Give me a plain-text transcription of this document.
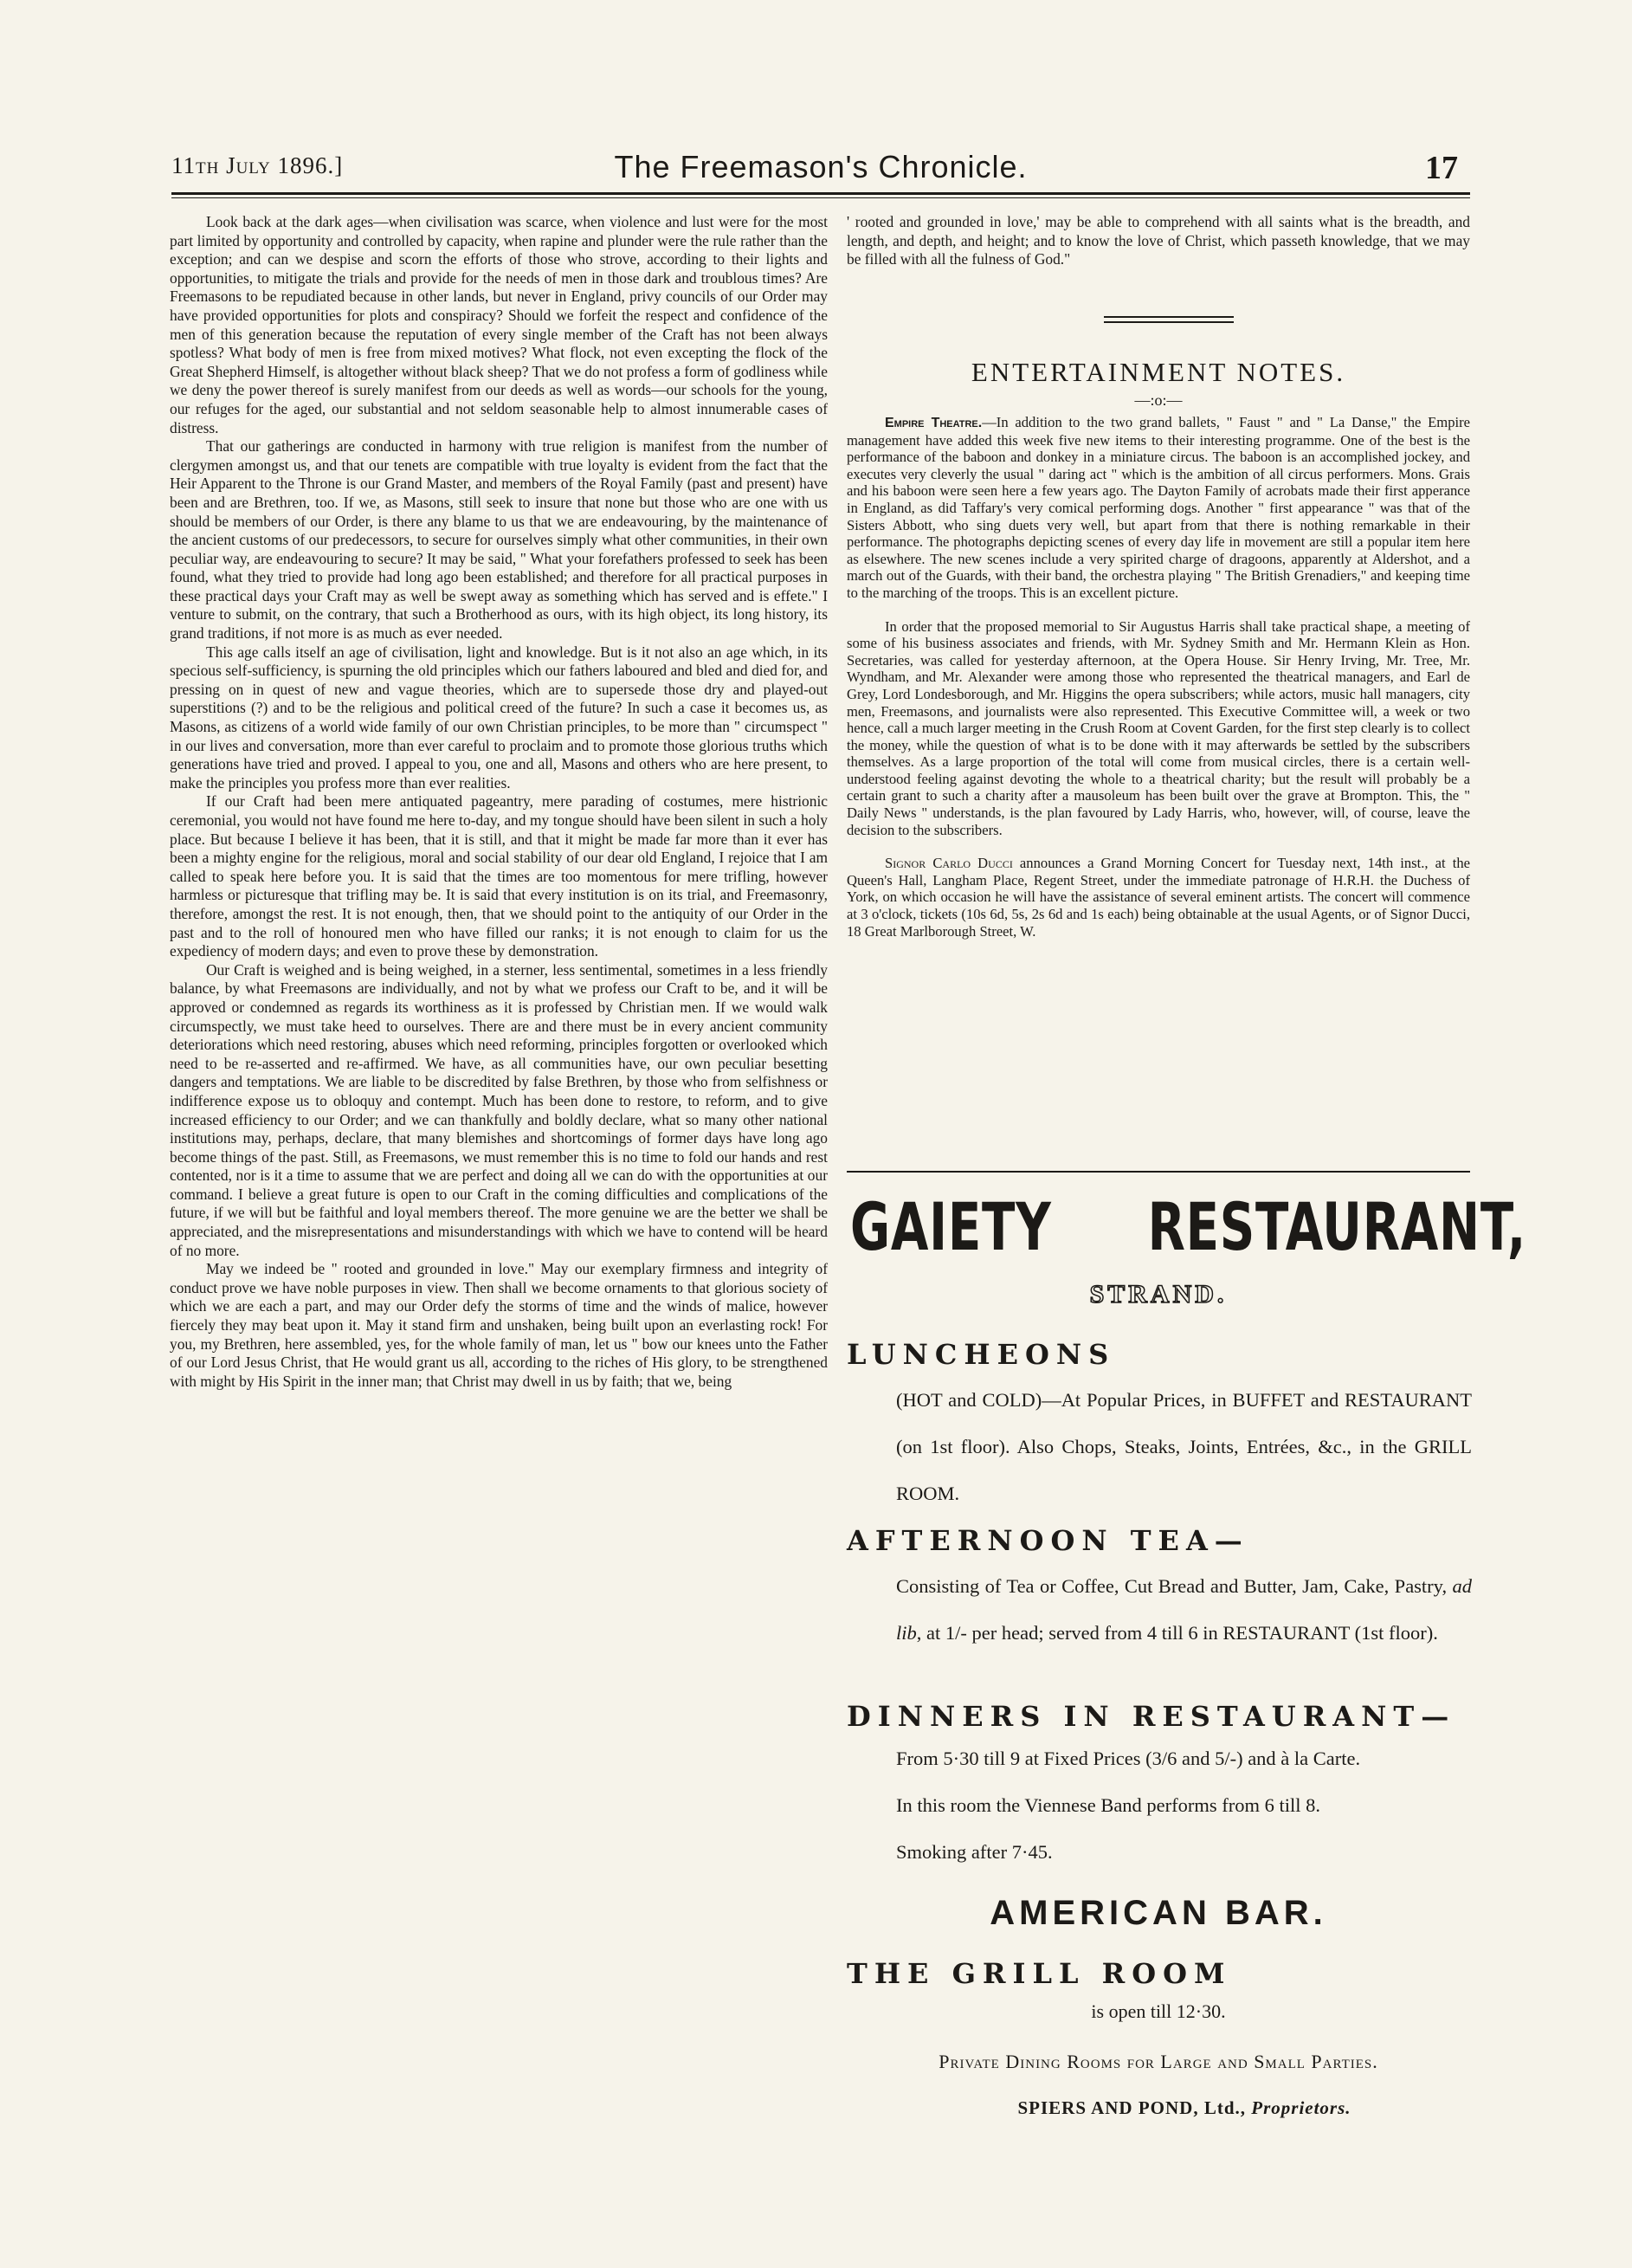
11th July 1896.]	The Freemason's Chronicle.	17

Look back at the dark ages—when civilisation was scarce, when violence and lust were for the most part limited by opportunity and controlled by capacity, when rapine and plunder were the rule rather than the exception; and can we despise and scorn the efforts of those who strove, according to their lights and opportunities, to mitigate the trials and provide for the needs of men in those dark and troublous times? Are Freemasons to be repudiated because in other lands, but never in England, privy councils of our Order may have provided opportunities for plots and conspiracy? Should we forfeit the respect and confidence of the men of this generation because the reputation of every single member of the Craft has not been always spotless? What body of men is free from mixed motives? What flock, not even excepting the flock of the Great Shepherd Himself, is altogether without black sheep? That we do not profess a form of godliness while we deny the power thereof is surely manifest from our deeds as well as words—our schools for the young, our refuges for the aged, our substantial and not seldom seasonable help to almost innumerable cases of distress.

That our gatherings are conducted in harmony with true religion is manifest from the number of clergymen amongst us, and that our tenets are compatible with true loyalty is evident from the fact that the Heir Apparent to the Throne is our Grand Master, and members of the Royal Family (past and present) have been and are Brethren, too. If we, as Masons, still seek to insure that none but those who are one with us should be members of our Order, is there any blame to us that we are endeavouring, by the maintenance of the ancient customs of our predecessors, to secure for ourselves simply what other communities, in their own peculiar way, are endeavouring to secure? It may be said, " What your forefathers professed to seek has been found, what they tried to provide had long ago been established; and therefore for all practical purposes in these practical days your Craft may as well be swept away as something which has served and is effete." I venture to submit, on the contrary, that such a Brotherhood as ours, with its high object, its long history, its grand traditions, if not more is as much as ever needed.

This age calls itself an age of civilisation, light and knowledge. But is it not also an age which, in its specious self-sufficiency, is spurning the old principles which our fathers laboured and bled and died for, and pressing on in quest of new and vague theories, which are to supersede those dry and played-out superstitions (?) and to be the religious and political creed of the future? In such a case it becomes us, as Masons, as citizens of a world wide family of our own Christian principles, to be more than " circumspect " in our lives and conversation, more than ever careful to proclaim and to promote those glorious truths which generations have tried and proved. I appeal to you, one and all, Masons and others who are here present, to make the principles you profess more than ever realities.

If our Craft had been mere antiquated pageantry, mere parading of costumes, mere histrionic ceremonial, you would not have found me here to-day, and my tongue should have been silent in such a holy place. But because I believe it has been, that it is still, and that it might be made far more than it ever has been a mighty engine for the religious, moral and social stability of our dear old England, I rejoice that I am called to speak here before you. It is said that the times are too momentous for mere trifling, however harmless or picturesque that trifling may be. It is said that every institution is on its trial, and Freemasonry, therefore, amongst the rest. It is not enough, then, that we should point to the antiquity of our Order in the past and to the roll of honoured men who have filled our ranks; it is not enough to claim for us the expediency of modern days; and even to prove these by demonstration.

Our Craft is weighed and is being weighed, in a sterner, less sentimental, sometimes in a less friendly balance, by what Freemasons are individually, and not by what we profess our Craft to be, and it will be approved or condemned as regards its worthiness as it is professed by Christian men. If we would walk circumspectly, we must take heed to ourselves. There are and there must be in every ancient community deteriorations which need restoring, abuses which need reforming, principles forgotten or overlooked which need to be re-asserted and re-affirmed. We have, as all communities have, our own peculiar besetting dangers and temptations. We are liable to be discredited by false Brethren, by those who from selfishness or indifference expose us to obloquy and contempt. Much has been done to restore, to reform, and to give increased efficiency to our Order; and we can thankfully and boldly declare, what so many other national institutions may, perhaps, declare, that many blemishes and shortcomings of former days have long ago become things of the past. Still, as Freemasons, we must remember this is no time to fold our hands and rest contented, nor is it a time to assume that we are perfect and doing all we can do with the opportunities at our command. I believe a great future is open to our Craft in the coming difficulties and complications of the future, if we will but be faithful and loyal members thereof. The more genuine we are the better we shall be appreciated, and the misrepresentations and misunderstandings with which we have to contend will be heard of no more.

May we indeed be " rooted and grounded in love." May our exemplary firmness and integrity of conduct prove we have noble purposes in view. Then shall we become ornaments to that glorious society of which we are each a part, and may our Order defy the storms of time and the winds of malice, however fiercely they may beat upon it. May it stand firm and unshaken, being built upon an everlasting rock! For you, my Brethren, here assembled, yes, for the whole family of man, let us " bow our knees unto the Father of our Lord Jesus Christ, that He would grant us all, according to the riches of His glory, to be strengthened with might by His Spirit in the inner man; that Christ may dwell in us by faith; that we, being

' rooted and grounded in love,' may be able to comprehend with all saints what is the breadth, and length, and depth, and height; and to know the love of Christ, which passeth knowledge, that we may be filled with all the fulness of God."

ENTERTAINMENT NOTES.
—:o:—

Empire Theatre.—In addition to the two grand ballets, " Faust " and " La Danse," the Empire management have added this week five new items to their interesting programme. One of the best is the performance of the baboon and donkey in a miniature circus. The baboon is an accomplished jockey, and executes very cleverly the usual " daring act " which is the ambition of all circus performers. Mons. Grais and his baboon were seen here a few years ago. The Dayton Family of acrobats made their first apperance in England, as did Taffary's very comical performing dogs. Another " first appearance " was that of the Sisters Abbott, who sing duets very well, but apart from that there is nothing remarkable in their performance. The photographs depicting scenes of every day life in movement are still a popular item here as elsewhere. The new scenes include a very spirited charge of dragoons, apparently at Aldershot, and a march out of the Guards, with their band, the orchestra playing " The British Grenadiers," and keeping time to the marching of the troops. This is an excellent picture.

In order that the proposed memorial to Sir Augustus Harris shall take practical shape, a meeting of some of his business associates and friends, with Mr. Sydney Smith and Mr. Hermann Klein as Hon. Secretaries, was called for yesterday afternoon, at the Opera House. Sir Henry Irving, Mr. Tree, Mr. Wyndham, and Mr. Alexander were among those who represented the theatrical managers, and Earl de Grey, Lord Londesborough, and Mr. Higgins the opera subscribers; while actors, music hall managers, city men, Freemasons, and journalists were also represented. This Executive Committee will, a week or two hence, call a much larger meeting in the Crush Room at Covent Garden, for the first step clearly is to collect the money, while the question of what is to be done with it may afterwards be settled by the subscribers themselves. As a large proportion of the total will come from musical circles, there is a certain well-understood feeling against devoting the whole to a theatrical charity; but the result will probably be a certain grant to such a charity after a mausoleum has been built over the grave at Brompton. This, the " Daily News " understands, is the plan favoured by Lady Harris, who, however, will, of course, leave the decision to the subscribers.

Signor Carlo Ducci announces a Grand Morning Concert for Tuesday next, 14th inst., at the Queen's Hall, Langham Place, Regent Street, under the immediate patronage of H.R.H. the Duchess of York, on which occasion he will have the assistance of several eminent artists. The concert will commence at 3 o'clock, tickets (10s 6d, 5s, 2s 6d and 1s each) being obtainable at the usual Agents, or of Signor Ducci, 18 Great Marlborough Street, W.

GAIETY RESTAURANT,
STRAND.
LUNCHEONS

(HOT and COLD)—At Popular Prices, in BUFFET and RESTAURANT (on 1st floor). Also Chops, Steaks, Joints, Entrées, &c., in the GRILL ROOM.

AFTERNOON TEA—

Consisting of Tea or Coffee, Cut Bread and Butter, Jam, Cake, Pastry, ad lib, at 1/- per head; served from 4 till 6 in RESTAURANT (1st floor).

DINNERS IN RESTAURANT—

From 5·30 till 9 at Fixed Prices (3/6 and 5/-) and à la Carte.

In this room the Viennese Band performs from 6 till 8.

Smoking after 7·45.

AMERICAN BAR.
THE GRILL ROOM
is open till 12·30.
Private Dining Rooms for Large and Small Parties.
SPIERS AND POND, Ltd., Proprietors.
